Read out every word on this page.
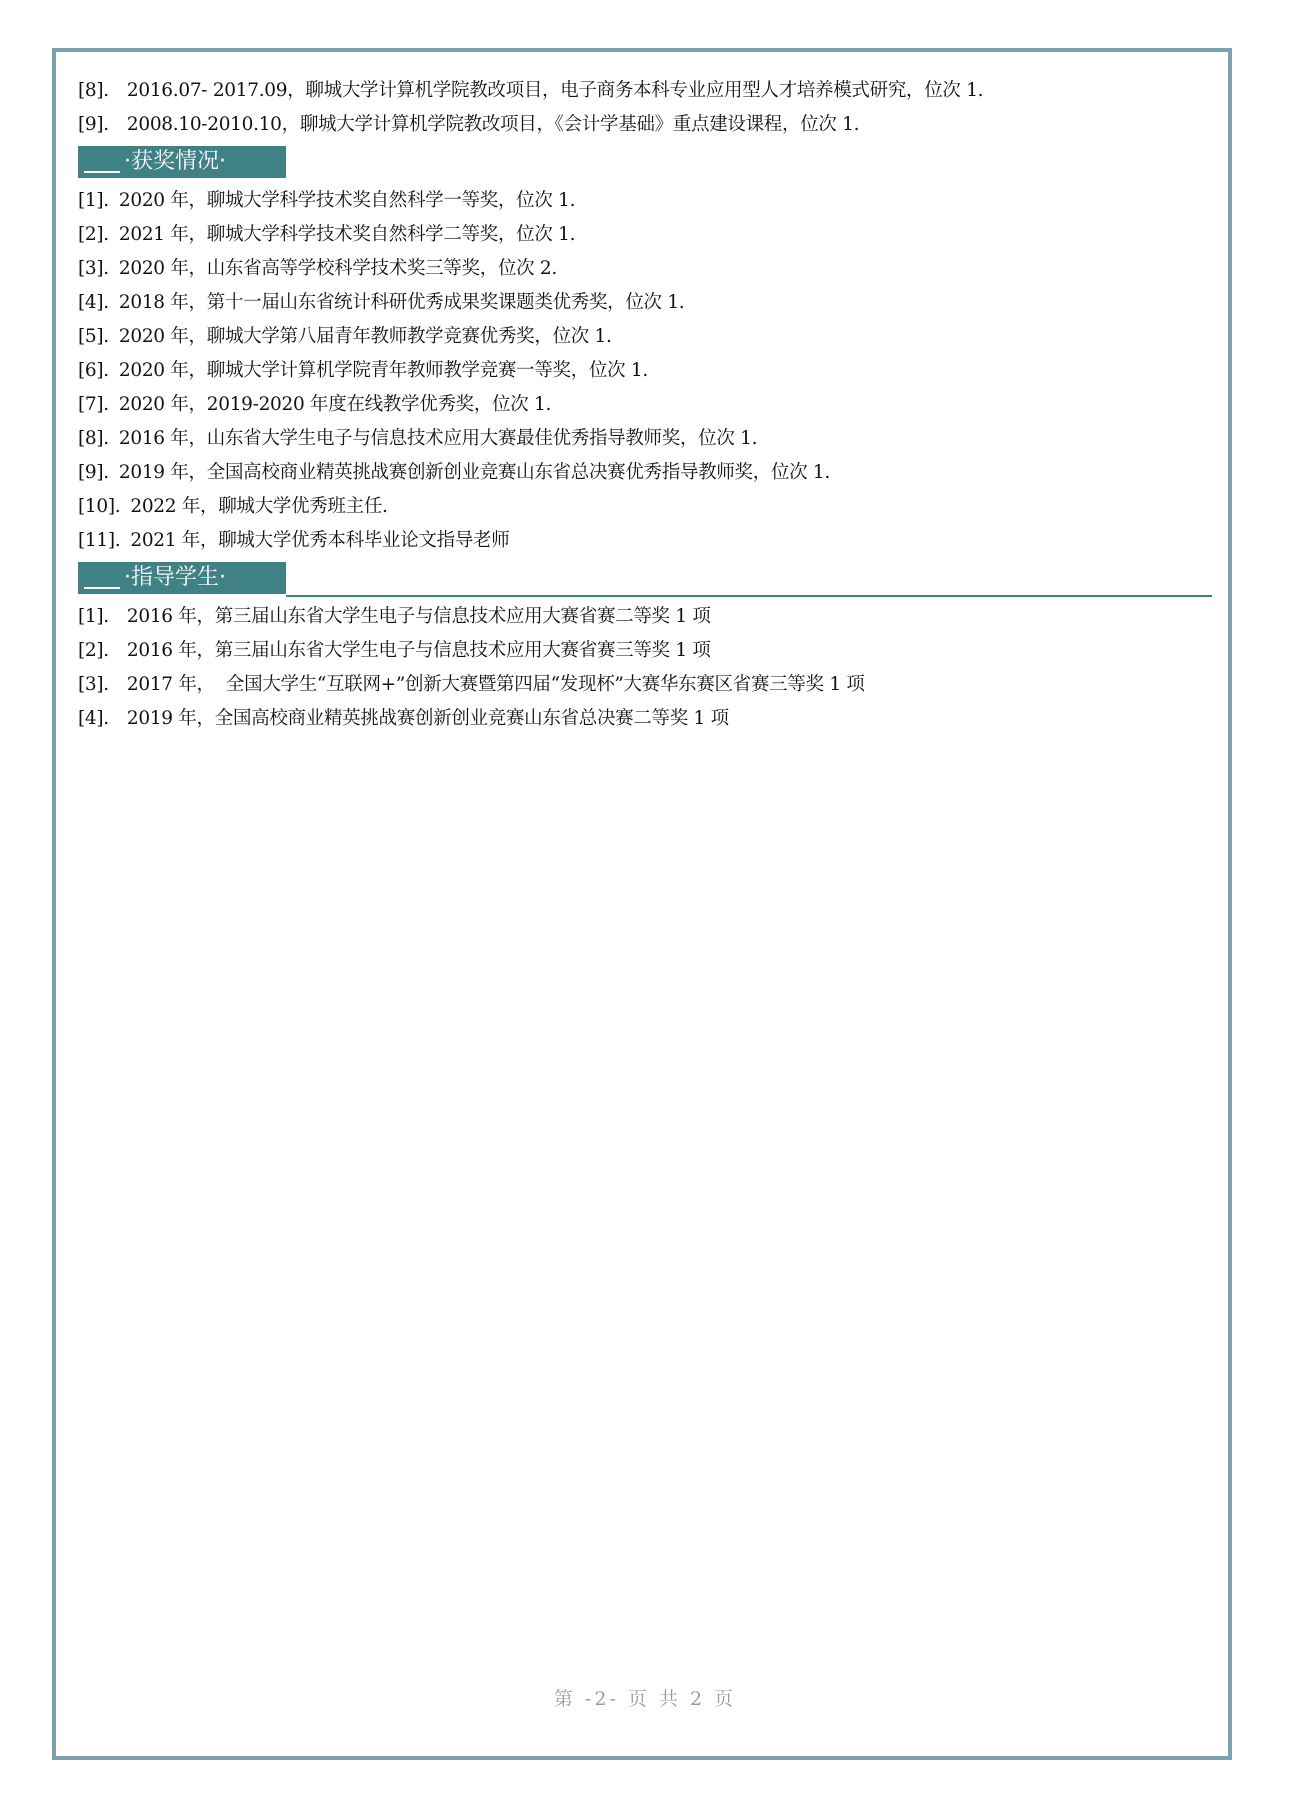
[8]. 2016.07- 2017.09，聊城大学计算机学院教改项目，电子商务本科专业应用型人才培养模式研究，位次 1.
[9]. 2008.10-2010.10，聊城大学计算机学院教改项目，《会计学基础》重点建设课程，位次 1.
·获奖情况·
[1]. 2020 年，聊城大学科学技术奖自然科学一等奖，位次 1.
[2]. 2021 年，聊城大学科学技术奖自然科学二等奖，位次 1.
[3]. 2020 年，山东省高等学校科学技术奖三等奖，位次 2.
[4]. 2018 年，第十一届山东省统计科研优秀成果奖课题类优秀奖，位次 1.
[5]. 2020 年，聊城大学第八届青年教师教学竞赛优秀奖，位次 1.
[6]. 2020 年，聊城大学计算机学院青年教师教学竞赛一等奖，位次 1.
[7]. 2020 年，2019-2020 年度在线教学优秀奖，位次 1.
[8]. 2016 年，山东省大学生电子与信息技术应用大赛最佳优秀指导教师奖，位次 1.
[9]. 2019 年，全国高校商业精英挑战赛创新创业竞赛山东省总决赛优秀指导教师奖，位次 1.
[10]. 2022 年，聊城大学优秀班主任.
[11]. 2021 年，聊城大学优秀本科毕业论文指导老师
·指导学生·
[1]. 2016 年，第三届山东省大学生电子与信息技术应用大赛省赛二等奖 1 项
[2]. 2016 年，第三届山东省大学生电子与信息技术应用大赛省赛三等奖 1 项
[3]. 2017 年，  全国大学生“互联网+”创新大赛暨第四届“发现杯”大赛华东赛区省赛三等奖 1 项
[4]. 2019 年，全国高校商业精英挑战赛创新创业竞赛山东省总决赛二等奖 1 项
第 -2- 页 共 2 页
